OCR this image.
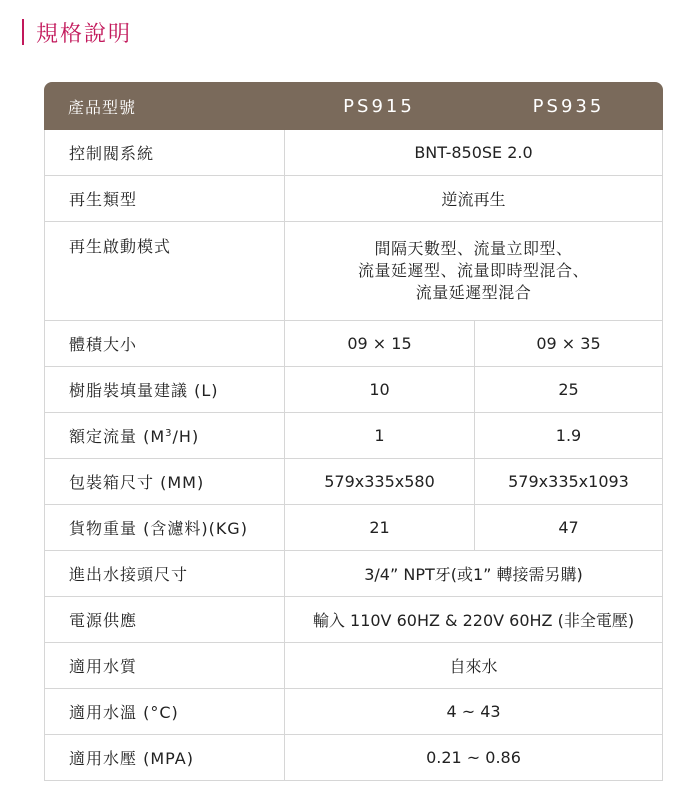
規格說明
產品型號	PS915	PS935
控制閥系統	BNT-850SE 2.0	
再生類型	逆流再生	
再生啟動模式	間隔天數型、流量立即型、
流量延遲型、流量即時型混合、
流量延遲型混合	

體積大小	09 × 15	09 × 35
樹脂裝填量建議 (L)	10	25
額定流量 $(M^3/H)$	1	1.9
包裝箱尺寸 (MM)	579x335x580	579x335x1093
貨物重量 (含濾料)(KG)	21	47
進出水接頭尺寸	3/4” NPT牙(或1” 轉接需另購)	
電源供應	輸入 110V 60HZ & 220V 60HZ (非全電壓)	
適用水質	自來水	
適用水溫 (°C)	4 ~ 43	
適用水壓 (MPA)	0.21 ~ 0.86	
